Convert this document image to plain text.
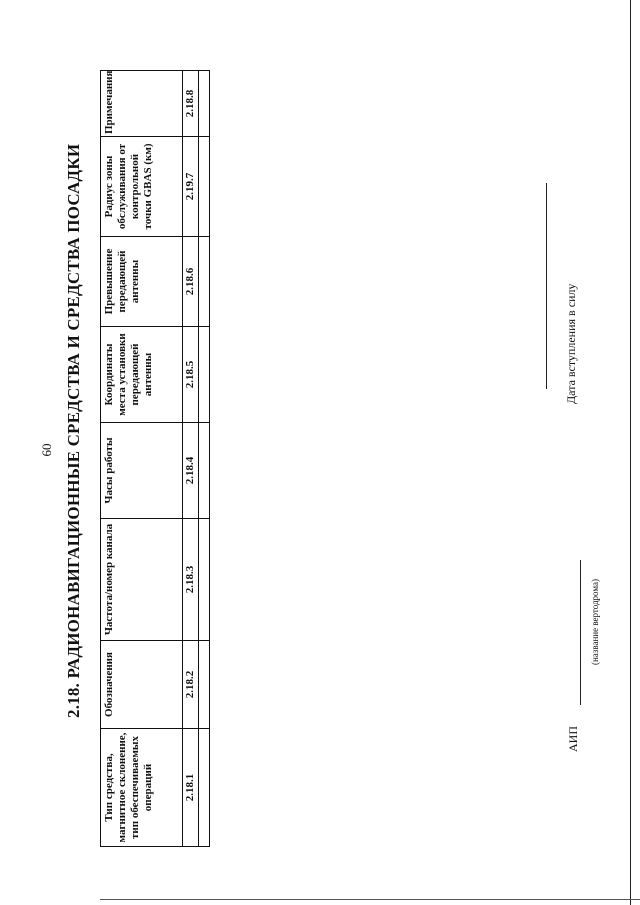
60 2.18. РАДИОНАВИГАЦИОННЫЕ СРЕДСТВА И СРЕДСТВА ПОСАДКИ
Тип средства, магнитное склонение, тип обеспечиваемых операций	Обозначения	Частота/номер канала	Часы работы	Координаты места установки передающей антенны	Превышение передающей антенны	Радиус зоны обслуживания от контрольной точки GBAS (км)	Примечания
2.18.1	2.18.2	2.18.3	2.18.4	2.18.5	2.18.6	2.19.7	2.18.8

АИП
(название вертодрома)
Дата вступления в силу
